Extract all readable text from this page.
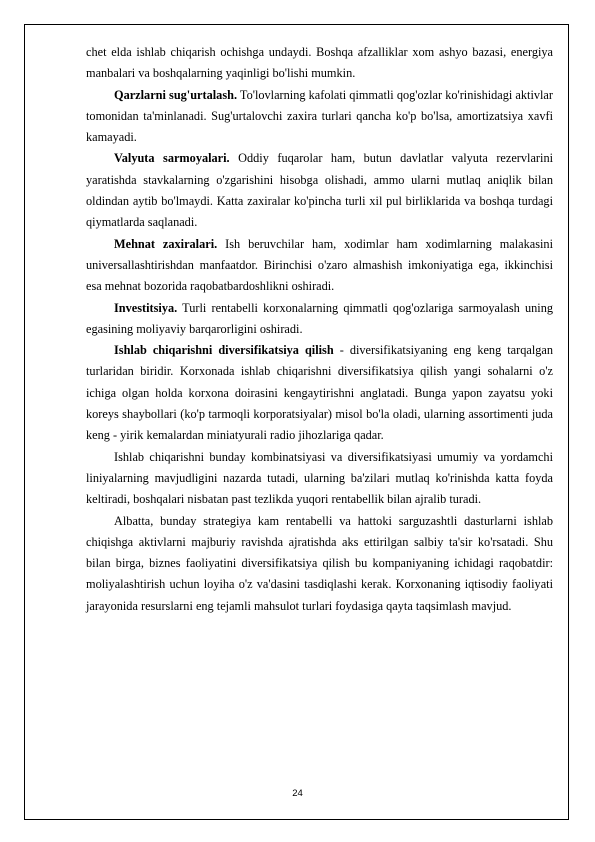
chet elda ishlab chiqarish ochishga undaydi. Boshqa afzalliklar xom ashyo bazasi, energiya manbalari va boshqalarning yaqinligi bo'lishi mumkin.

Qarzlarni sug'urtalash. To'lovlarning kafolati qimmatli qog'ozlar ko'rinishidagi aktivlar tomonidan ta'minlanadi. Sug'urtalovchi zaxira turlari qancha ko'p bo'lsa, amortizatsiya xavfi kamayadi.

Valyuta sarmoyalari. Oddiy fuqarolar ham, butun davlatlar valyuta rezervlarini yaratishda stavkalarning o'zgarishini hisobga olishadi, ammo ularni mutlaq aniqlik bilan oldindan aytib bo'lmaydi. Katta zaxiralar ko'pincha turli xil pul birliklarida va boshqa turdagi qiymatlarda saqlanadi.

Mehnat zaxiralari. Ish beruvchilar ham, xodimlar ham xodimlarning malakasini universallashtirishdan manfaatdor. Birinchisi o'zaro almashish imkoniyatiga ega, ikkinchisi esa mehnat bozorida raqobatbardoshlikni oshiradi.

Investitsiya. Turli rentabelli korxonalarning qimmatli qog'ozlariga sarmoyalash uning egasining moliyaviy barqarorligini oshiradi.

Ishlab chiqarishni diversifikatsiya qilish - diversifikatsiyaning eng keng tarqalgan turlaridan biridir. Korxonada ishlab chiqarishni diversifikatsiya qilish yangi sohalarni o'z ichiga olgan holda korxona doirasini kengaytirishni anglatadi. Bunga yapon zayatsu yoki koreys shaybollari (ko'p tarmoqli korporatsiyalar) misol bo'la oladi, ularning assortimenti juda keng - yirik kemalardan miniatyurali radio jihozlariga qadar.

Ishlab chiqarishni bunday kombinatsiyasi va diversifikatsiyasi umumiy va yordamchi liniyalarning mavjudligini nazarda tutadi, ularning ba'zilari mutlaq ko'rinishda katta foyda keltiradi, boshqalari nisbatan past tezlikda yuqori rentabellik bilan ajralib turadi.

Albatta, bunday strategiya kam rentabelli va hattoki sarguzashtli dasturlarni ishlab chiqishga aktivlarni majburiy ravishda ajratishda aks ettirilgan salbiy ta'sir ko'rsatadi. Shu bilan birga, biznes faoliyatini diversifikatsiya qilish bu kompaniyaning ichidagi raqobatdir: moliyalashtirish uchun loyiha o'z va'dasini tasdiqlashi kerak. Korxonaning iqtisodiy faoliyati jarayonida resurslarni eng tejamli mahsulot turlari foydasiga qayta taqsimlash mavjud.

24
